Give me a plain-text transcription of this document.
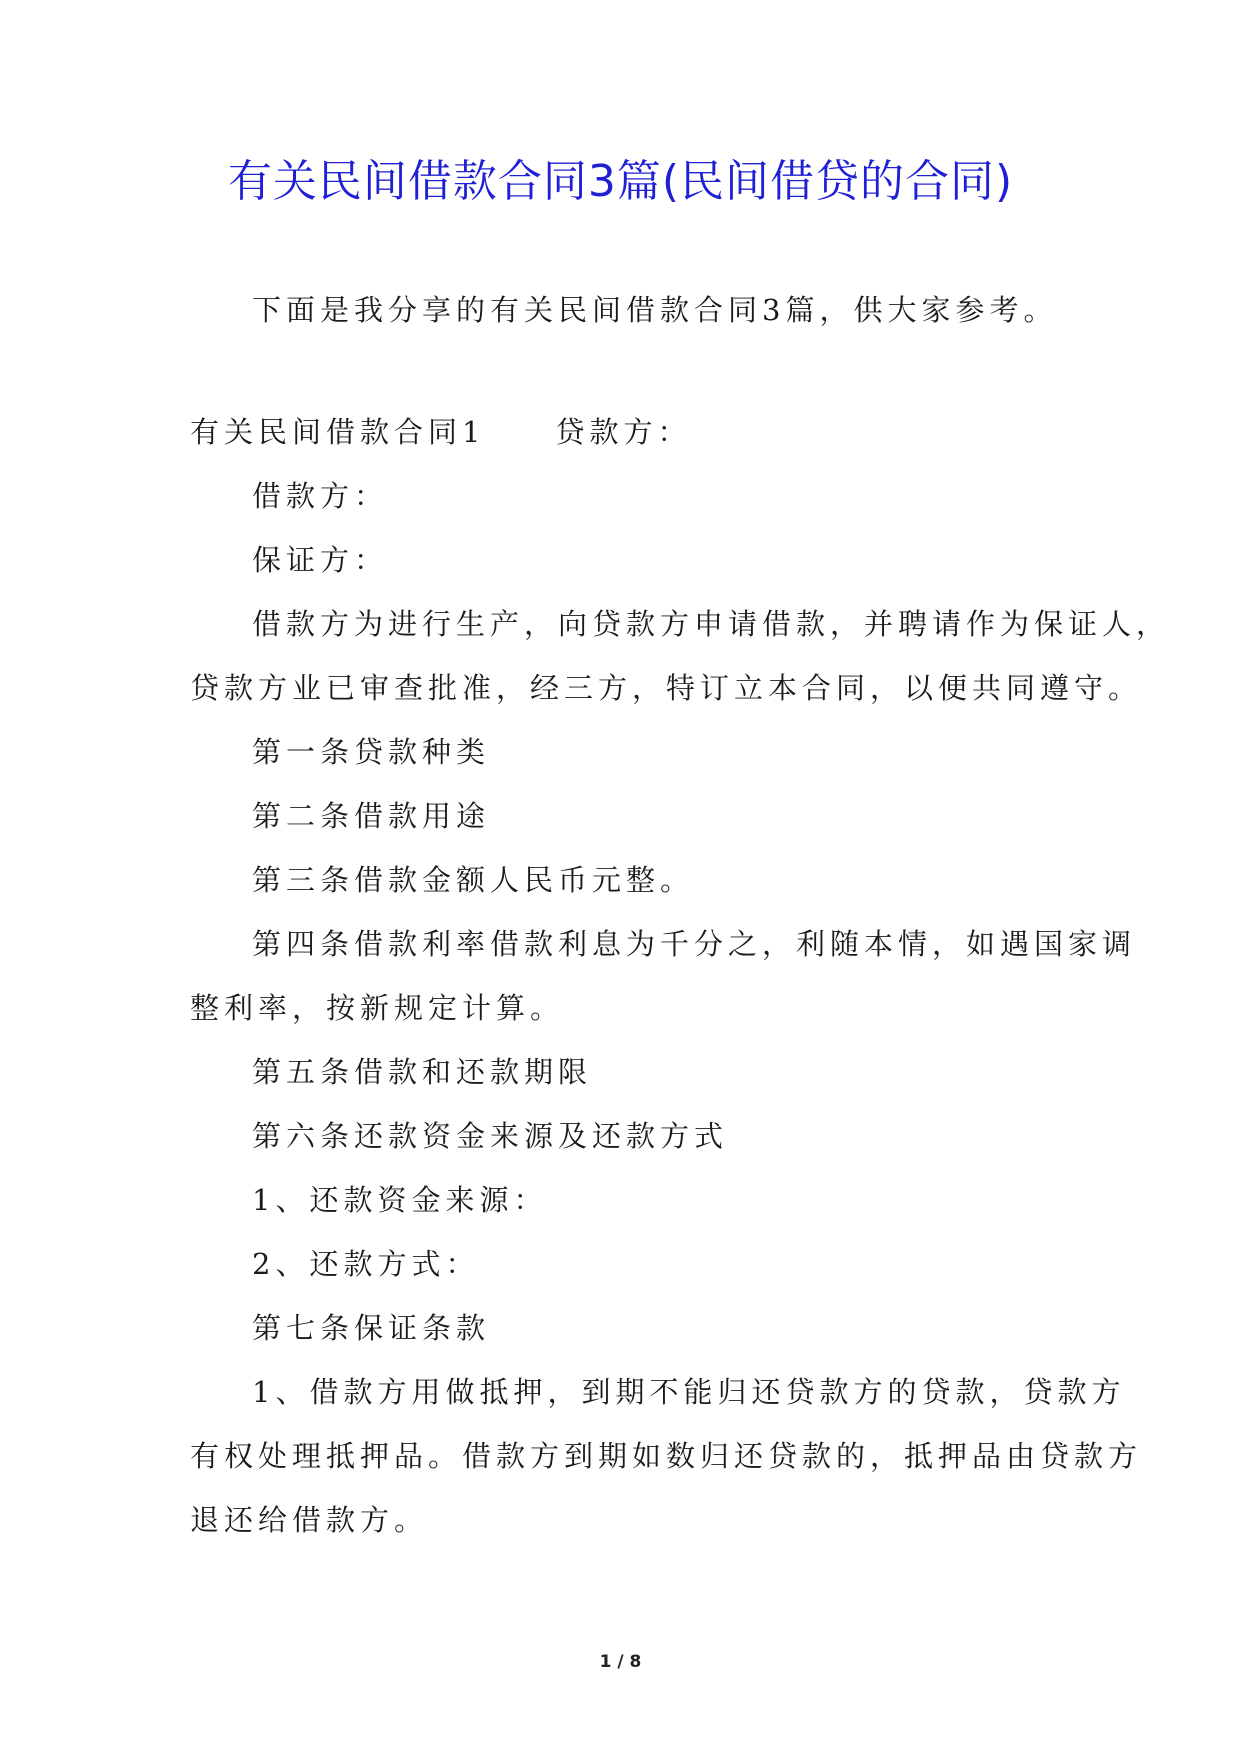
有关民间借款合同3篇(民间借贷的合同)

下面是我分享的有关民间借款合同3篇，供大家参考。

有关民间借款合同1 贷款方：

借款方：

保证方：

借款方为进行生产，向贷款方申请借款，并聘请作为保证人，

贷款方业已审查批准，经三方，特订立本合同，以便共同遵守。

第一条贷款种类

第二条借款用途

第三条借款金额人民币元整。

第四条借款利率借款利息为千分之，利随本情，如遇国家调

整利率，按新规定计算。

第五条借款和还款期限

第六条还款资金来源及还款方式

1、还款资金来源：

2、还款方式：

第七条保证条款

1、借款方用做抵押，到期不能归还贷款方的贷款，贷款方

有权处理抵押品。借款方到期如数归还贷款的，抵押品由贷款方

退还给借款方。

1 / 8
